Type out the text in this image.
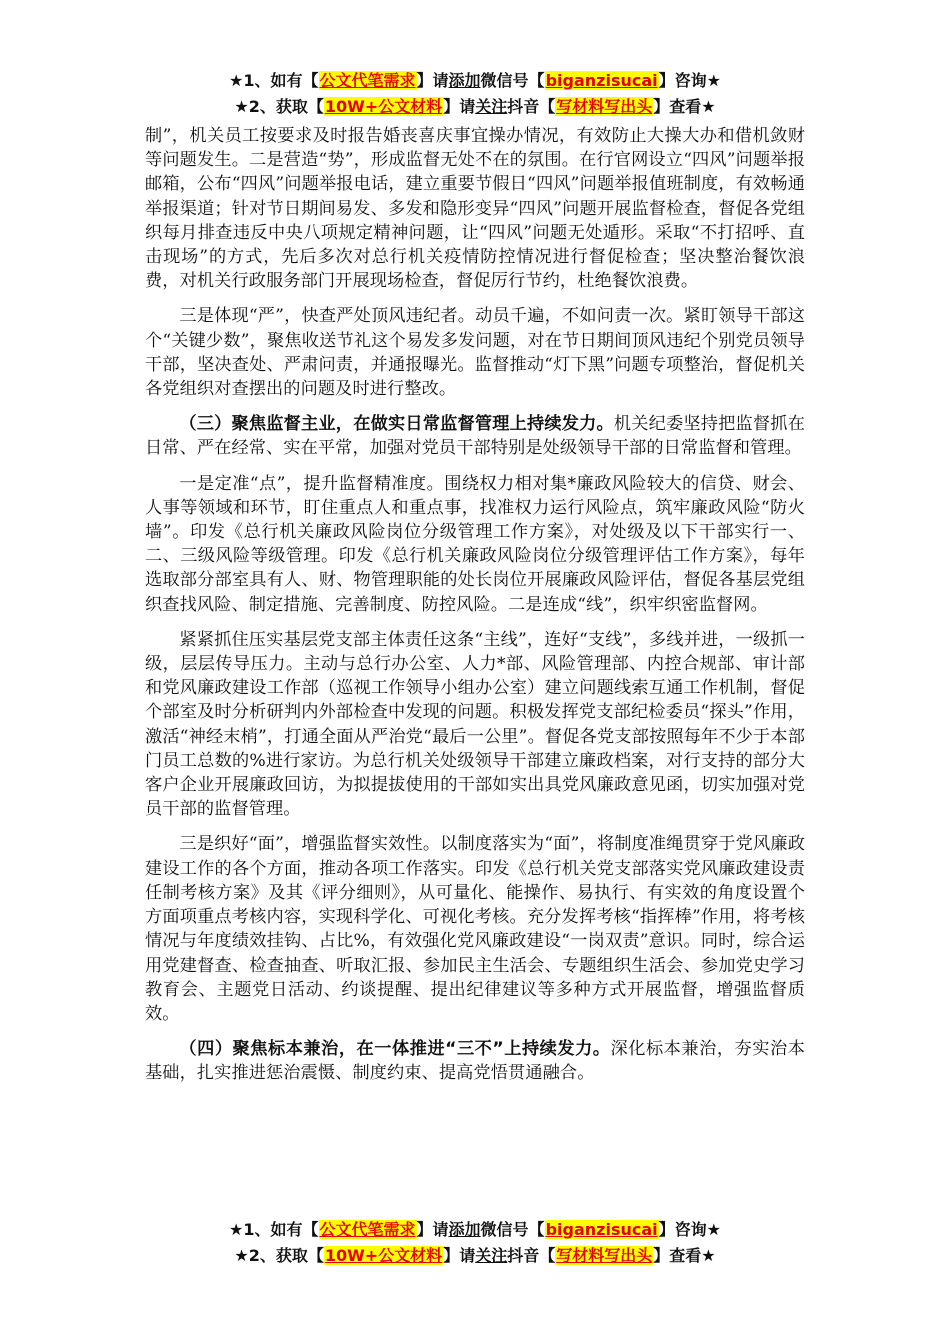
★1、如有【公文代笔需求】请添加微信号【biganzisucai】咨询★
★2、获取【10W+公文材料】请关注抖音【写材料写出头】查看★

制”，机关员工按要求及时报告婚丧喜庆事宜操办情况，有效防止大操大办和借机敛财等问题发生。二是营造“势”，形成监督无处不在的氛围。在行官网设立“四风”问题举报邮箱，公布“四风”问题举报电话，建立重要节假日“四风”问题举报值班制度，有效畅通举报渠道；针对节日期间易发、多发和隐形变异“四风”问题开展监督检查，督促各党组织每月排查违反中央八项规定精神问题，让“四风”问题无处遁形。采取“不打招呼、直击现场”的方式，先后多次对总行机关疫情防控情况进行督促检查；坚决整治餐饮浪费，对机关行政服务部门开展现场检查，督促厉行节约，杜绝餐饮浪费。

三是体现“严”，快查严处顶风违纪者。动员千遍，不如问责一次。紧盯领导干部这个“关键少数”，聚焦收送节礼这个易发多发问题，对在节日期间顶风违纪个别党员领导干部，坚决查处、严肃问责，并通报曝光。监督推动“灯下黑”问题专项整治，督促机关各党组织对查摆出的问题及时进行整改。

（三）聚焦监督主业，在做实日常监督管理上持续发力。机关纪委坚持把监督抓在日常、严在经常、实在平常，加强对党员干部特别是处级领导干部的日常监督和管理。

一是定准“点”，提升监督精准度。围绕权力相对集*廉政风险较大的信贷、财会、人事等领域和环节，盯住重点人和重点事，找准权力运行风险点，筑牢廉政风险“防火墙”。印发《总行机关廉政风险岗位分级管理工作方案》，对处级及以下干部实行一、二、三级风险等级管理。印发《总行机关廉政风险岗位分级管理评估工作方案》，每年选取部分部室具有人、财、物管理职能的处长岗位开展廉政风险评估，督促各基层党组织查找风险、制定措施、完善制度、防控风险。二是连成“线”，织牢织密监督网。

紧紧抓住压实基层党支部主体责任这条“主线”，连好“支线”，多线并进，一级抓一级，层层传导压力。主动与总行办公室、人力*部、风险管理部、内控合规部、审计部和党风廉政建设工作部（巡视工作领导小组办公室）建立问题线索互通工作机制，督促个部室及时分析研判内外部检查中发现的问题。积极发挥党支部纪检委员“探头”作用，激活“神经末梢”，打通全面从严治党“最后一公里”。督促各党支部按照每年不少于本部门员工总数的%进行家访。为总行机关处级领导干部建立廉政档案，对行支持的部分大客户企业开展廉政回访，为拟提拔使用的干部如实出具党风廉政意见函，切实加强对党员干部的监督管理。

三是织好“面”，增强监督实效性。以制度落实为“面”，将制度准绳贯穿于党风廉政建设工作的各个方面，推动各项工作落实。印发《总行机关党支部落实党风廉政建设责任制考核方案》及其《评分细则》，从可量化、能操作、易执行、有实效的角度设置个方面项重点考核内容，实现科学化、可视化考核。充分发挥考核“指挥棒”作用，将考核情况与年度绩效挂钩、占比%，有效强化党风廉政建设“一岗双责”意识。同时，综合运用党建督查、检查抽查、听取汇报、参加民主生活会、专题组织生活会、参加党史学习教育会、主题党日活动、约谈提醒、提出纪律建议等多种方式开展监督，增强监督质效。

（四）聚焦标本兼治，在一体推进“三不”上持续发力。深化标本兼治，夯实治本基础，扎实推进惩治震慑、制度约束、提高党悟贯通融合。

★1、如有【公文代笔需求】请添加微信号【biganzisucai】咨询★
★2、获取【10W+公文材料】请关注抖音【写材料写出头】查看★
